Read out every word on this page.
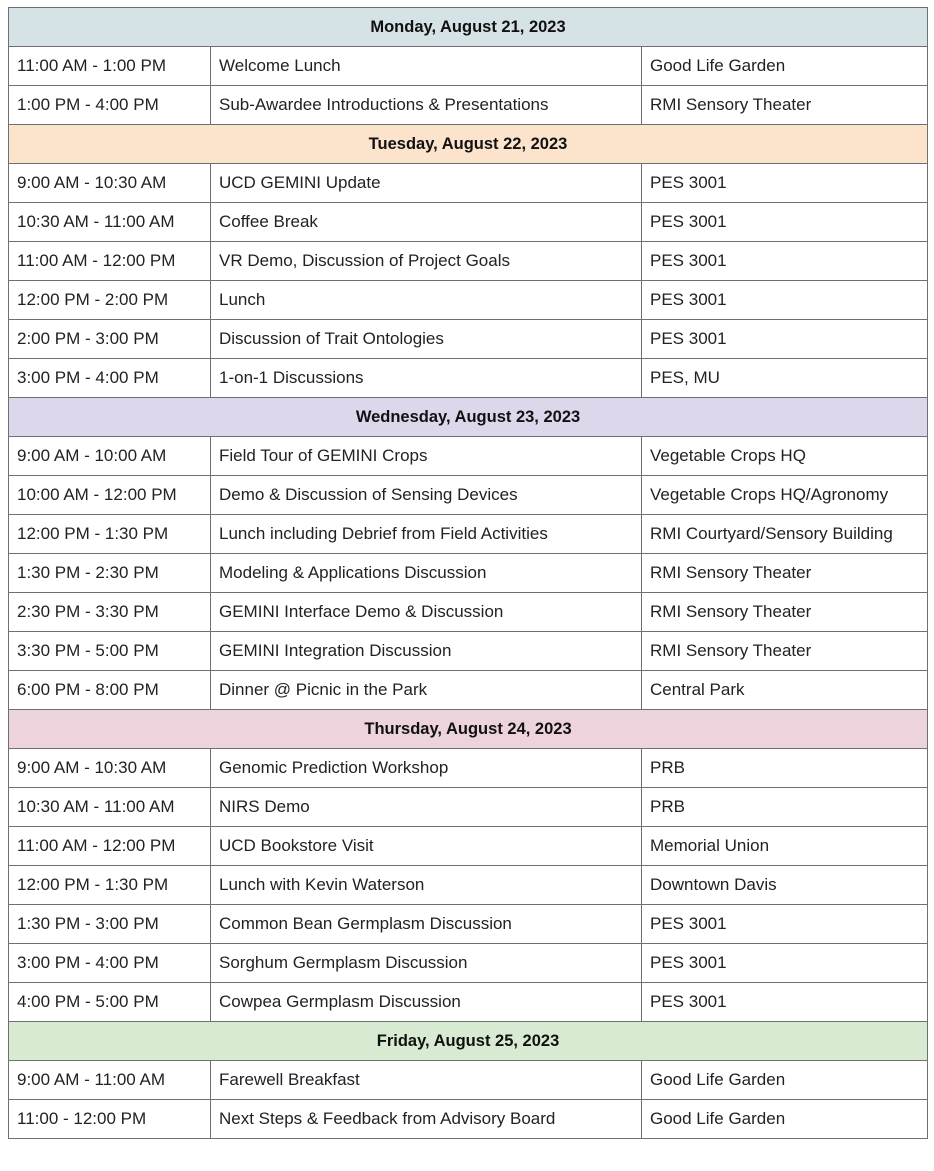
Monday, August 21, 2023		
11:00 AM - 1:00 PM	Welcome Lunch	Good Life Garden
1:00 PM - 4:00 PM	Sub-Awardee Introductions & Presentations	RMI Sensory Theater
Tuesday, August 22, 2023		
9:00 AM - 10:30 AM	UCD GEMINI Update	PES 3001
10:30 AM - 11:00 AM	Coffee Break	PES 3001
11:00 AM - 12:00 PM	VR Demo, Discussion of Project Goals	PES 3001
12:00 PM - 2:00 PM	Lunch	PES 3001
2:00 PM - 3:00 PM	Discussion of Trait Ontologies	PES 3001
3:00 PM - 4:00 PM	1-on-1 Discussions	PES, MU
Wednesday, August 23, 2023		
9:00 AM - 10:00 AM	Field Tour of GEMINI Crops	Vegetable Crops HQ
10:00 AM - 12:00 PM	Demo & Discussion of Sensing Devices	Vegetable Crops HQ/Agronomy
12:00 PM - 1:30 PM	Lunch including Debrief from Field Activities	RMI Courtyard/Sensory Building
1:30 PM - 2:30 PM	Modeling & Applications Discussion	RMI Sensory Theater
2:30 PM - 3:30 PM	GEMINI Interface Demo & Discussion	RMI Sensory Theater
3:30 PM - 5:00 PM	GEMINI Integration Discussion	RMI Sensory Theater
6:00 PM - 8:00 PM	Dinner @ Picnic in the Park	Central Park
Thursday, August 24, 2023		
9:00 AM - 10:30 AM	Genomic Prediction Workshop	PRB
10:30 AM - 11:00 AM	NIRS Demo	PRB
11:00 AM - 12:00 PM	UCD Bookstore Visit	Memorial Union
12:00 PM - 1:30 PM	Lunch with Kevin Waterson	Downtown Davis
1:30 PM - 3:00 PM	Common Bean Germplasm Discussion	PES 3001
3:00 PM - 4:00 PM	Sorghum Germplasm Discussion	PES 3001
4:00 PM - 5:00 PM	Cowpea Germplasm Discussion	PES 3001
Friday, August 25, 2023		
9:00 AM - 11:00 AM	Farewell Breakfast	Good Life Garden
11:00 - 12:00 PM	Next Steps & Feedback from Advisory Board	Good Life Garden
